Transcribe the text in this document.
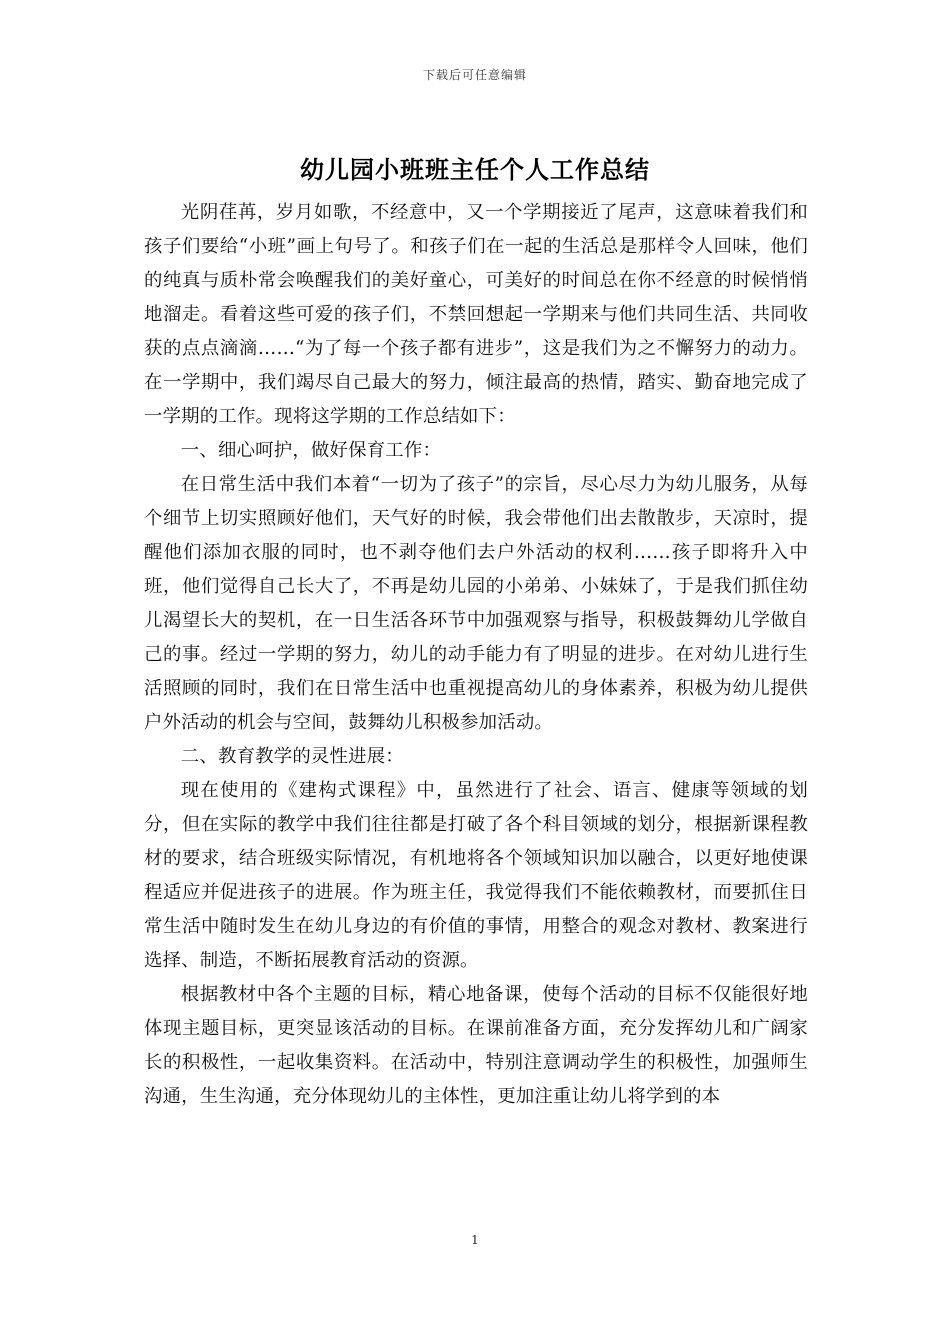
下载后可任意编辑
幼儿园小班班主任个人工作总结

光阴荏苒，岁月如歌，不经意中，又一个学期接近了尾声，这意味着我们和孩子们要给“小班”画上句号了。和孩子们在一起的生活总是那样令人回味，他们的纯真与质朴常会唤醒我们的美好童心，可美好的时间总在你不经意的时候悄悄地溜走。看着这些可爱的孩子们，不禁回想起一学期来与他们共同生活、共同收获的点点滴滴……“为了每一个孩子都有进步”，这是我们为之不懈努力的动力。在一学期中，我们竭尽自己最大的努力，倾注最高的热情，踏实、勤奋地完成了一学期的工作。现将这学期的工作总结如下：

一、细心呵护，做好保育工作：

在日常生活中我们本着“一切为了孩子”的宗旨，尽心尽力为幼儿服务，从每个细节上切实照顾好他们，天气好的时候，我会带他们出去散散步，天凉时，提醒他们添加衣服的同时，也不剥夺他们去户外活动的权利……孩子即将升入中班，他们觉得自己长大了，不再是幼儿园的小弟弟、小妹妹了，于是我们抓住幼儿渴望长大的契机，在一日生活各环节中加强观察与指导，积极鼓舞幼儿学做自己的事。经过一学期的努力，幼儿的动手能力有了明显的进步。在对幼儿进行生活照顾的同时，我们在日常生活中也重视提高幼儿的身体素养，积极为幼儿提供户外活动的机会与空间，鼓舞幼儿积极参加活动。

二、教育教学的灵性进展：

现在使用的《建构式课程》中，虽然进行了社会、语言、健康等领域的划分，但在实际的教学中我们往往都是打破了各个科目领域的划分，根据新课程教材的要求，结合班级实际情况，有机地将各个领域知识加以融合，以更好地使课程适应并促进孩子的进展。作为班主任，我觉得我们不能依赖教材，而要抓住日常生活中随时发生在幼儿身边的有价值的事情，用整合的观念对教材、教案进行选择、制造，不断拓展教育活动的资源。

根据教材中各个主题的目标，精心地备课，使每个活动的目标不仅能很好地体现主题目标，更突显该活动的目标。在课前准备方面，充分发挥幼儿和广阔家长的积极性，一起收集资料。在活动中，特别注意调动学生的积极性，加强师生沟通，生生沟通，充分体现幼儿的主体性，更加注重让幼儿将学到的本

1
